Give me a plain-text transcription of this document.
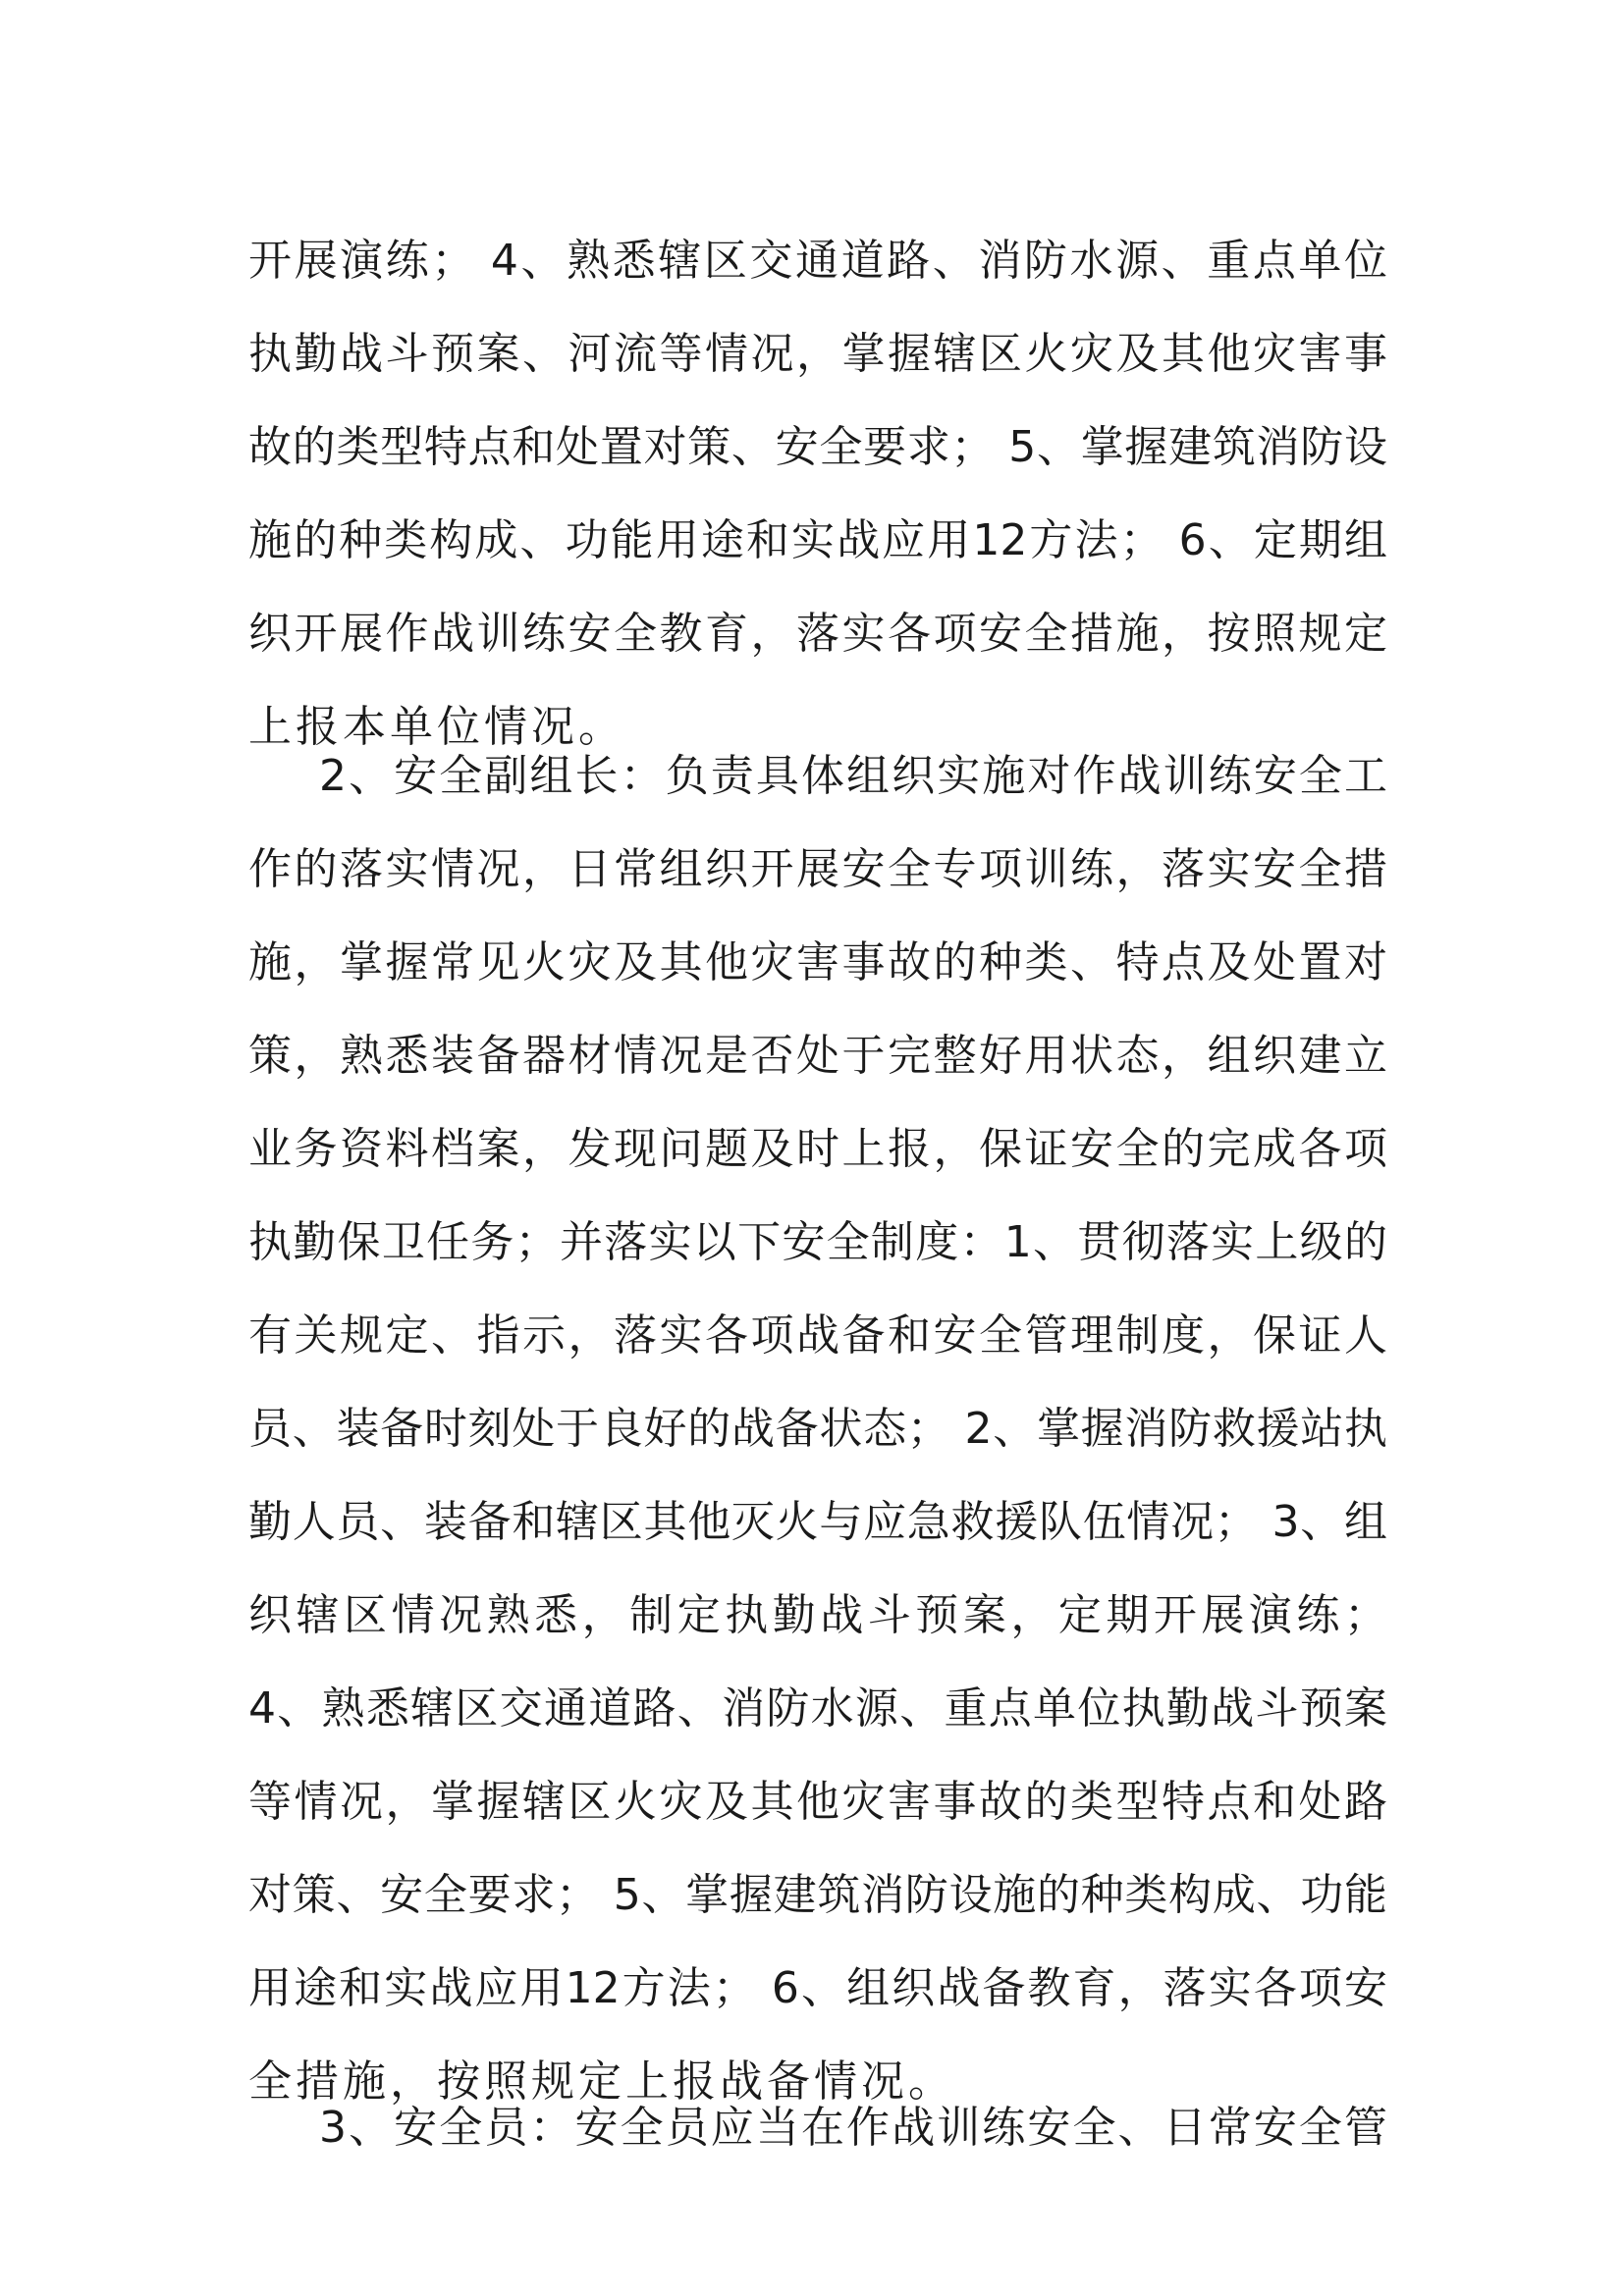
开展演练； 4、熟悉辖区交通道路、消防水源、重点单位
执勤战斗预案、河流等情况，掌握辖区火灾及其他灾害事
故的类型特点和处置对策、安全要求； 5、掌握建筑消防设
施的种类构成、功能用途和实战应用12方法； 6、定期组
织开展作战训练安全教育，落实各项安全措施，按照规定
上报本单位情况。
2、安全副组长：负责具体组织实施对作战训练安全工
作的落实情况，日常组织开展安全专项训练，落实安全措
施，掌握常见火灾及其他灾害事故的种类、特点及处置对
策，熟悉装备器材情况是否处于完整好用状态，组织建立
业务资料档案，发现问题及时上报，保证安全的完成各项
执勤保卫任务；并落实以下安全制度：1、贯彻落实上级的
有关规定、指示，落实各项战备和安全管理制度，保证人
员、装备时刻处于良好的战备状态； 2、掌握消防救援站执
勤人员、装备和辖区其他灭火与应急救援队伍情况； 3、组
织辖区情况熟悉，制定执勤战斗预案，定期开展演练；
4、熟悉辖区交通道路、消防水源、重点单位执勤战斗预案
等情况，掌握辖区火灾及其他灾害事故的类型特点和处路
对策、安全要求； 5、掌握建筑消防设施的种类构成、功能
用途和实战应用12方法； 6、组织战备教育，落实各项安
全措施，按照规定上报战备情况。
3、安全员：安全员应当在作战训练安全、日常安全管
